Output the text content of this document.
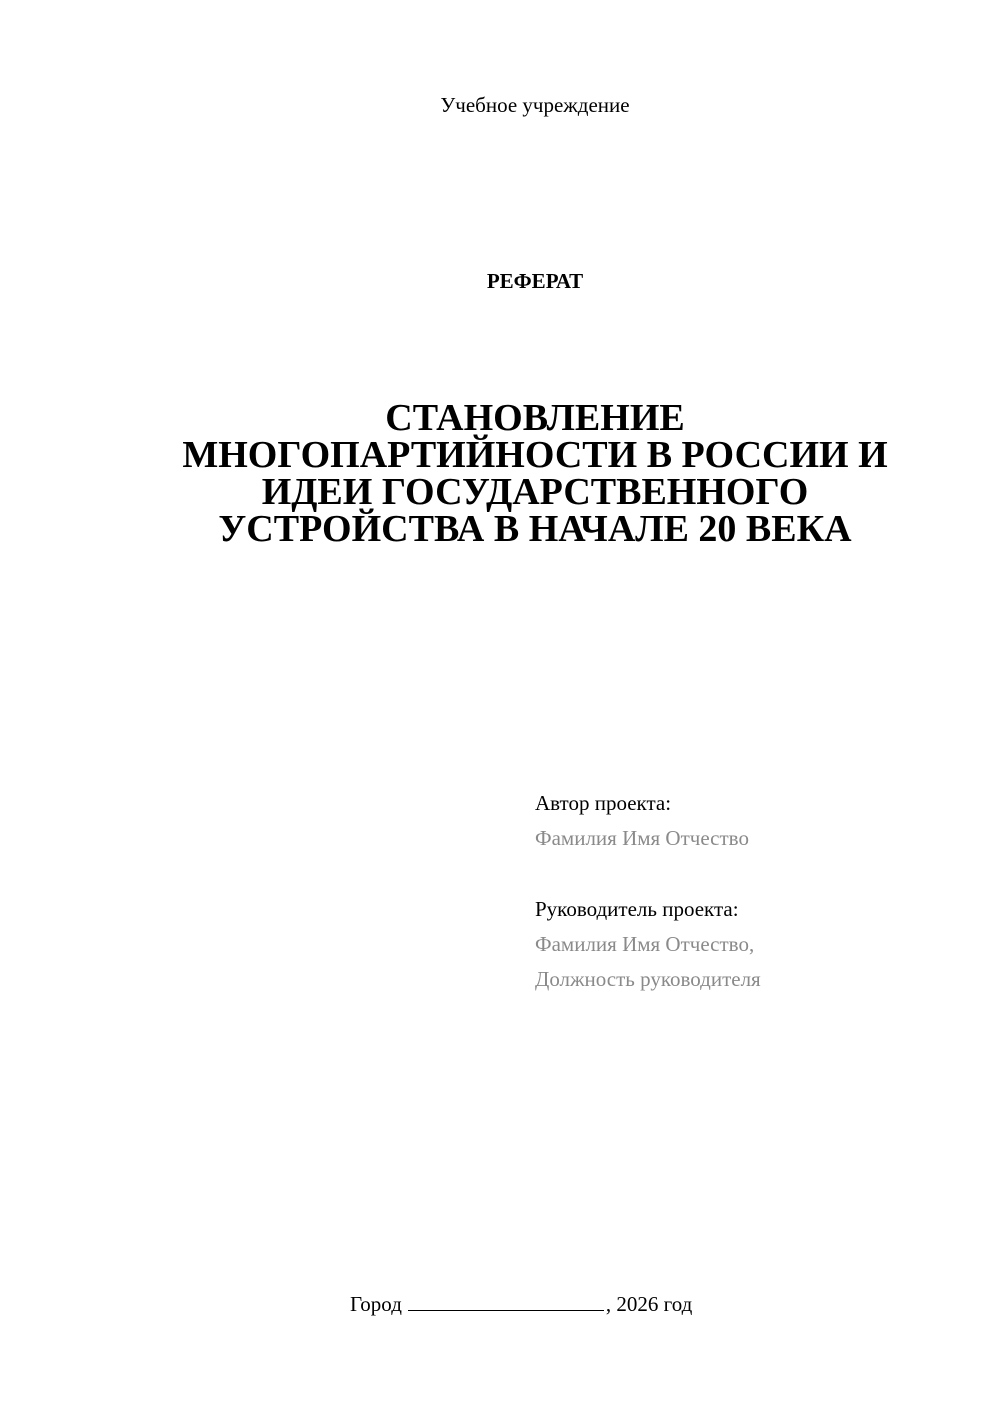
Учебное учреждение
РЕФЕРАТ
СТАНОВЛЕНИЕ
МНОГОПАРТИЙНОСТИ В РОССИИ И
ИДЕИ ГОСУДАРСТВЕННОГО
УСТРОЙСТВА В НАЧАЛЕ 20 ВЕКА
Автор проекта:
Фамилия Имя Отчество
Руководитель проекта:
Фамилия Имя Отчество,
Должность руководителя
Город	, 2026 год
